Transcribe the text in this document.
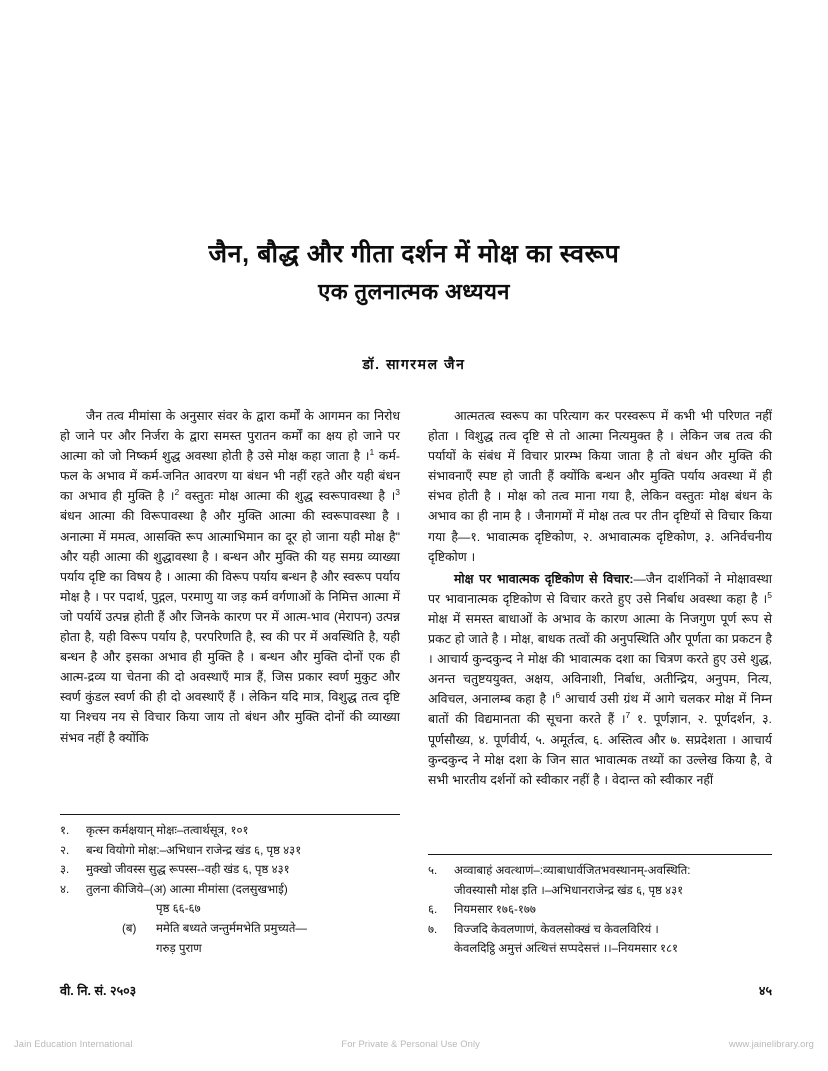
जैन, बौद्ध और गीता दर्शन में मोक्ष का स्वरूप
एक तुलनात्मक अध्ययन
डॉ. सागरमल जैन

जैन तत्व मीमांसा के अनुसार संवर के द्वारा कर्मों के आगमन का निरोध हो जाने पर और निर्जरा के द्वारा समस्त पुरातन कर्मों का क्षय हो जाने पर आत्मा को जो निष्कर्म शुद्ध अवस्था होती है उसे मोक्ष कहा जाता है ।$^1$ कर्म-फल के अभाव में कर्म-जनित आवरण या बंधन भी नहीं रहते और यही बंधन का अभाव ही मुक्ति है ।$^2$ वस्तुतः मोक्ष आत्मा की शुद्ध स्वरूपावस्था है ।$^3$ बंधन आत्मा की विरूपावस्था है और मुक्ति आत्मा की स्वरूपावस्था है । अनात्मा में ममत्व, आसक्ति रूप आत्माभिमान का दूर हो जाना यही मोक्ष है" और यही आत्मा की शुद्धावस्था है । बन्धन और मुक्ति की यह समग्र व्याख्या पर्याय दृष्टि का विषय है । आत्मा की विरूप पर्याय बन्धन है और स्वरूप पर्याय मोक्ष है । पर पदार्थ, पुद्गल, परमाणु या जड़ कर्म वर्गणाओं के निमित्त आत्मा में जो पर्यायें उत्पन्न होती हैं और जिनके कारण पर में आत्म-भाव (मेरापन) उत्पन्न होता है, यही विरूप पर्याय है, परपरिणति है, स्व की पर में अवस्थिति है, यही बन्धन है और इसका अभाव ही मुक्ति है । बन्धन और मुक्ति दोनों एक ही आत्म-द्रव्य या चेतना की दो अवस्थाएँ मात्र हैं, जिस प्रकार स्वर्ण मुकुट और स्वर्ण कुंडल स्वर्ण की ही दो अवस्थाएँ हैं । लेकिन यदि मात्र, विशुद्ध तत्व दृष्टि या निश्चय नय से विचार किया जाय तो बंधन और मुक्ति दोनों की व्याख्या संभव नहीं है क्योंकि

आत्मतत्व स्वरूप का परित्याग कर परस्वरूप में कभी भी परिणत नहीं होता । विशुद्ध तत्व दृष्टि से तो आत्मा नित्यमुक्त है । लेकिन जब तत्व की पर्यायों के संबंध में विचार प्रारम्भ किया जाता है तो बंधन और मुक्ति की संभावनाएँ स्पष्ट हो जाती हैं क्योंकि बन्धन और मुक्ति पर्याय अवस्था में ही संभव होती है । मोक्ष को तत्व माना गया है, लेकिन वस्तुतः मोक्ष बंधन के अभाव का ही नाम है । जैनागमों में मोक्ष तत्व पर तीन दृष्टियों से विचार किया गया है—१. भावात्मक दृष्टिकोण, २. अभावात्मक दृष्टिकोण, ३. अनिर्वचनीय दृष्टिकोण ।

मोक्ष पर भावात्मक दृष्टिकोण से विचार:—जैन दार्शनिकों ने मोक्षावस्था पर भावानात्मक दृष्टिकोण से विचार करते हुए उसे निर्बाध अवस्था कहा है ।$^5$ मोक्ष में समस्त बाधाओं के अभाव के कारण आत्मा के निजगुण पूर्ण रूप से प्रकट हो जाते है । मोक्ष, बाधक तत्वों की अनुपस्थिति और पूर्णता का प्रकटन है । आचार्य कुन्दकुन्द ने मोक्ष की भावात्मक दशा का चित्रण करते हुए उसे शुद्ध, अनन्त चतुष्टययुक्त, अक्षय, अविनाशी, निर्बाध, अतीन्द्रिय, अनुपम, नित्य, अविचल, अनालम्ब कहा है ।$^6$ आचार्य उसी ग्रंथ में आगे चलकर मोक्ष में निम्न बातों की विद्यमानता की सूचना करते हैं ।$^7$ १. पूर्णज्ञान, २. पूर्णदर्शन, ३. पूर्णसौख्य, ४. पूर्णवीर्य, ५. अमूर्तत्व, ६. अस्तित्व और ७. सप्रदेशता । आचार्य कुन्दकुन्द ने मोक्ष दशा के जिन सात भावात्मक तथ्यों का उल्लेख किया है, वे सभी भारतीय दर्शनों को स्वीकार नहीं है । वेदान्त को स्वीकार नहीं

१.	कृत्स्न कर्मक्षयान् मोक्षः–तत्वार्थसूत्र, १०१
२.	बन्ध वियोगो मोक्ष:–अभिधान राजेन्द्र खंड ६, पृष्ठ ४३१
३.	मुक्खो जीवस्स सुद्ध रूपस्स--वही खंड ६, पृष्ठ ४३१
४.	तुलना कीजिये–(अ) आत्मा मीमांसा (दलसुखभाई)
पृष्ठ ६६-६७
(ब)	ममेति बध्यते जन्तुर्ममभेति प्रमुच्यते—
गरुड़ पुराण
५.	अव्वाबाहं अवत्थाणं–:व्याबाधार्वजितभवस्थानम्-अवस्थिति:
जीवस्यासौ मोक्ष इति ।–अभिधानराजेन्द्र खंड ६, पृष्ठ ४३१
६.	नियमसार १७६-१७७
७.	विज्जदि केवलणाणं, केवलसोक्खं च केवलविरियं ।
केवलदिट्ठि अमुत्तं अत्थित्तं सप्पदेसत्तं ।।–नियमसार १८१
वी. नि. सं. २५०३	४५
Jain Education International	For Private & Personal Use Only	www.jainelibrary.org
